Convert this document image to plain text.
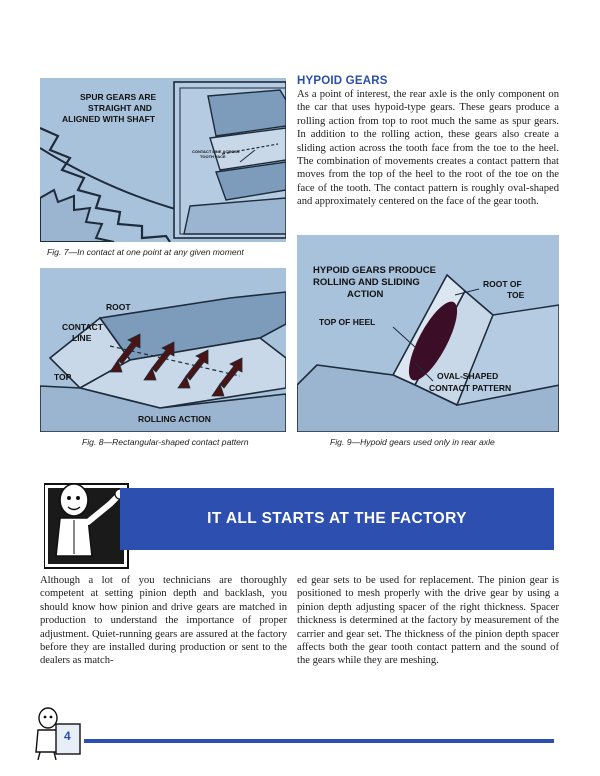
SPUR GEARS ARE
STRAIGHT AND
ALIGNED WITH SHAFT
CONTACT LINE ACROSS
TOOTH FACE
Fig. 7—In contact at one point at any given moment
HYPOID GEARS

As a point of interest, the rear axle is the only component on the car that uses hypoid-type gears. These gears produce a rolling action from top to root much the same as spur gears. In addition to the rolling action, these gears also create a sliding action across the tooth face from the toe to the heel. The combination of movements creates a contact pattern that moves from the top of the heel to the root of the toe on the face of the tooth. The contact pattern is roughly oval-shaped and approximately centered on the face of the gear tooth.

ROOT
CONTACT
LINE
TOP
ROLLING ACTION
Fig. 8—Rectangular-shaped contact pattern
HYPOID GEARS PRODUCE
ROLLING AND SLIDING
ACTION
ROOT OF
TOE
TOP OF HEEL
OVAL-SHAPED
CONTACT PATTERN
Fig. 9—Hypoid gears used only in rear axle
IT ALL STARTS AT THE FACTORY

Although a lot of you technicians are thoroughly competent at setting pinion depth and backlash, you should know how pinion and drive gears are matched in production to understand the importance of proper adjustment. Quiet-running gears are assured at the factory before they are installed during production or sent to the dealers as match-

ed gear sets to be used for replacement. The pinion gear is positioned to mesh properly with the drive gear by using a pinion depth adjusting spacer of the right thickness. Spacer thickness is determined at the factory by measurement of the carrier and gear set. The thickness of the pinion depth spacer affects both the gear tooth contact pattern and the sound of the gears while they are meshing.

4
